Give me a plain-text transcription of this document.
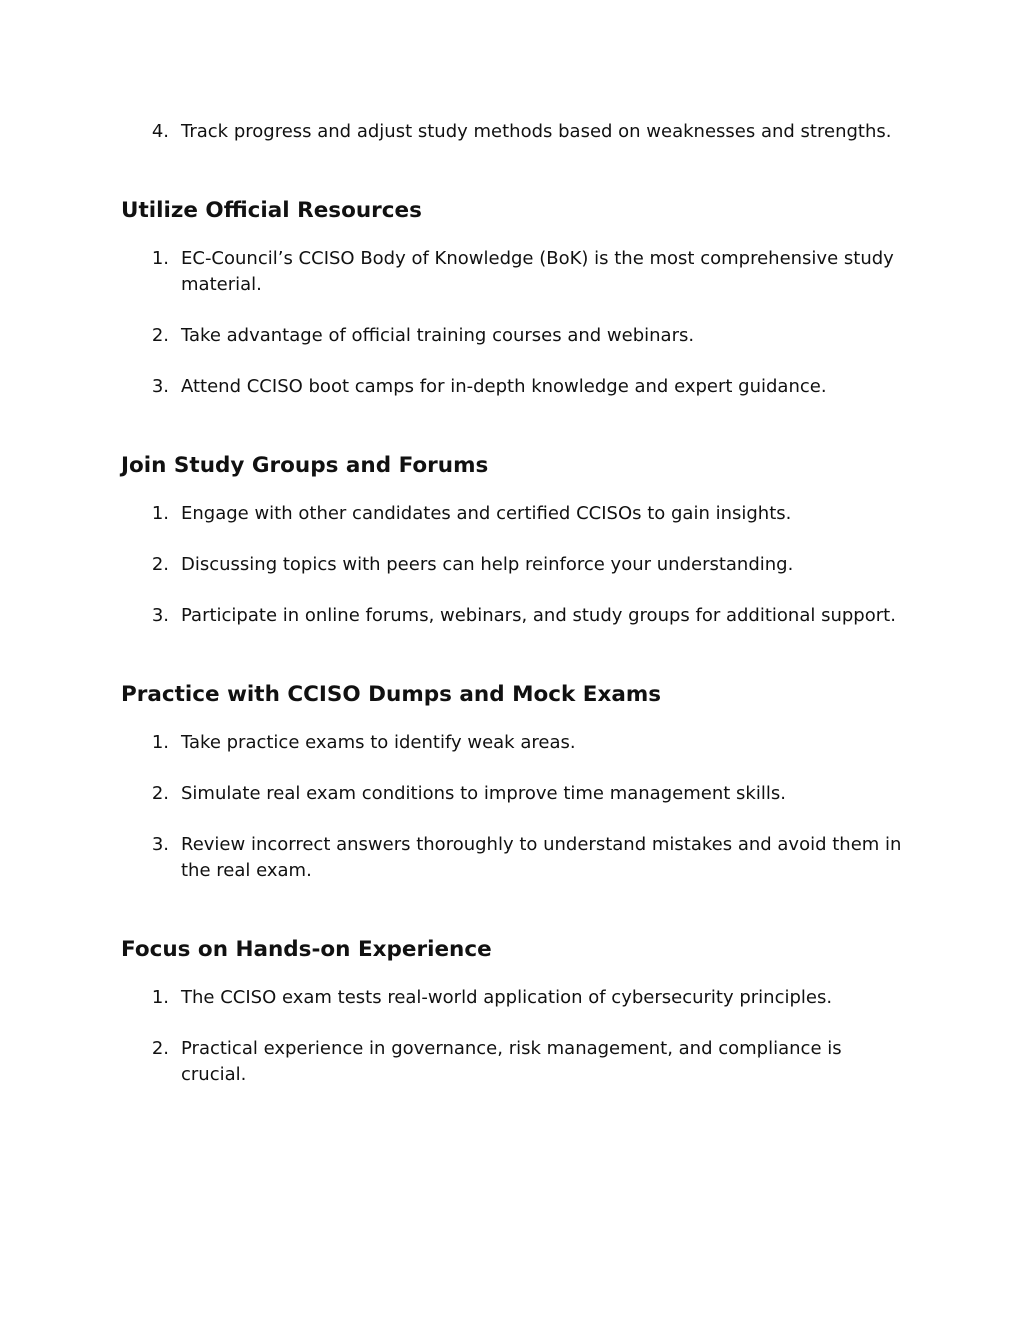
4. Track progress and adjust study methods based on weaknesses and strengths.
Utilize Official Resources
1. EC-Council’s CCISO Body of Knowledge (BoK) is the most comprehensive study material.
2. Take advantage of official training courses and webinars.
3. Attend CCISO boot camps for in-depth knowledge and expert guidance.
Join Study Groups and Forums
1. Engage with other candidates and certified CCISOs to gain insights.
2. Discussing topics with peers can help reinforce your understanding.
3. Participate in online forums, webinars, and study groups for additional support.
Practice with CCISO Dumps and Mock Exams
1. Take practice exams to identify weak areas.
2. Simulate real exam conditions to improve time management skills.
3. Review incorrect answers thoroughly to understand mistakes and avoid them in the real exam.
Focus on Hands-on Experience
1. The CCISO exam tests real-world application of cybersecurity principles.
2. Practical experience in governance, risk management, and compliance is crucial.
